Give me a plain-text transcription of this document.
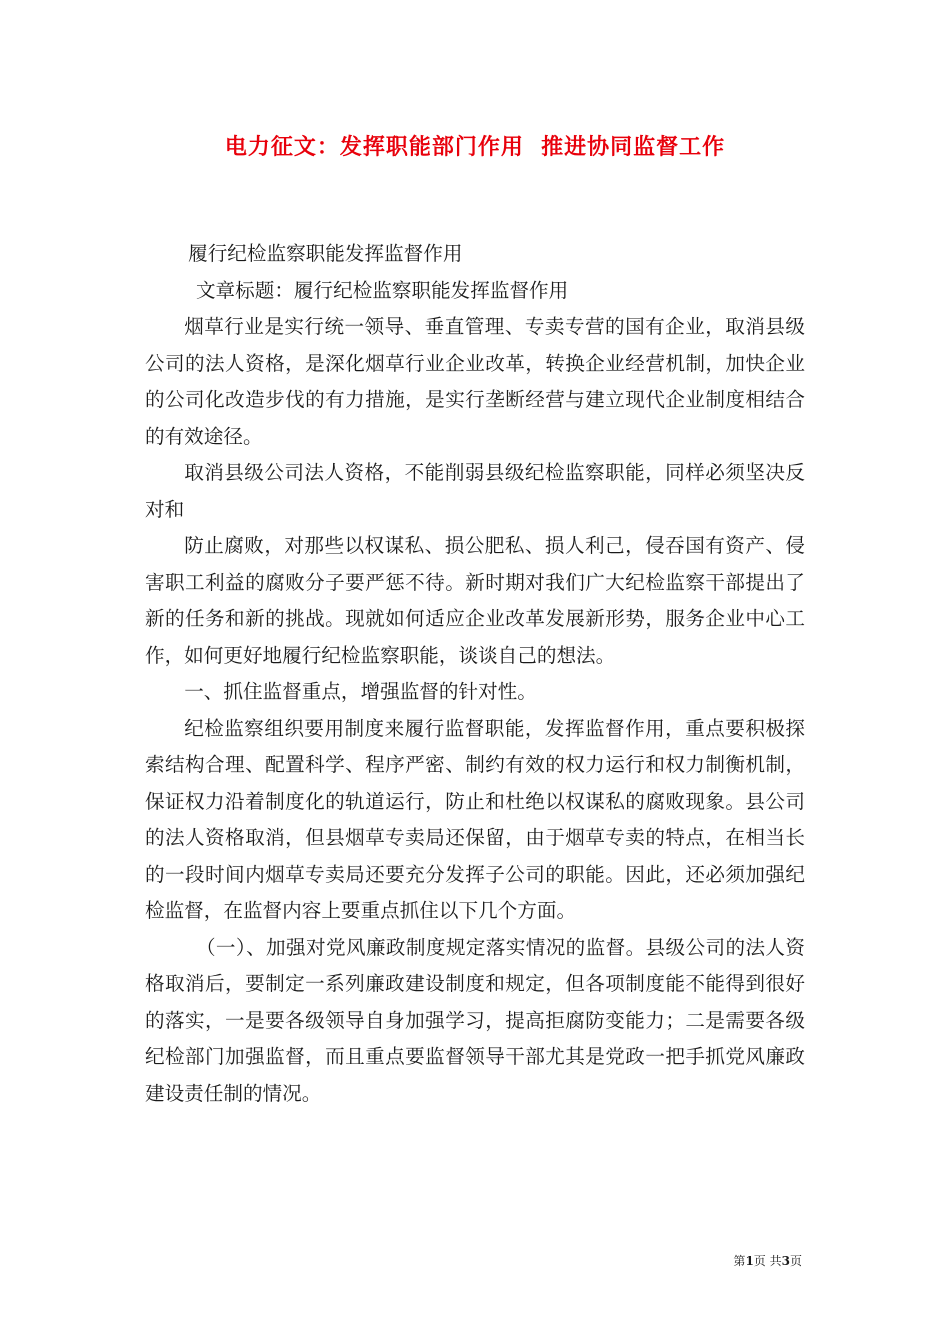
电力征文：发挥职能部门作用  推进协同监督工作

履行纪检监察职能发挥监督作用

文章标题：履行纪检监察职能发挥监督作用

烟草行业是实行统一领导、垂直管理、专卖专营的国有企业，取消县级公司的法人资格，是深化烟草行业企业改革，转换企业经营机制，加快企业的公司化改造步伐的有力措施，是实行垄断经营与建立现代企业制度相结合的有效途径。

取消县级公司法人资格，不能削弱县级纪检监察职能，同样必须坚决反对和

防止腐败，对那些以权谋私、损公肥私、损人利己，侵吞国有资产、侵害职工利益的腐败分子要严惩不待。新时期对我们广大纪检监察干部提出了新的任务和新的挑战。现就如何适应企业改革发展新形势，服务企业中心工作，如何更好地履行纪检监察职能，谈谈自己的想法。

一、抓住监督重点，增强监督的针对性。

纪检监察组织要用制度来履行监督职能，发挥监督作用，重点要积极探索结构合理、配置科学、程序严密、制约有效的权力运行和权力制衡机制，保证权力沿着制度化的轨道运行，防止和杜绝以权谋私的腐败现象。县公司的法人资格取消，但县烟草专卖局还保留，由于烟草专卖的特点，在相当长的一段时间内烟草专卖局还要充分发挥子公司的职能。因此，还必须加强纪检监督，在监督内容上要重点抓住以下几个方面。

（一）、加强对党风廉政制度规定落实情况的监督。县级公司的法人资格取消后，要制定一系列廉政建设制度和规定，但各项制度能不能得到很好的落实，一是要各级领导自身加强学习，提高拒腐防变能力；二是需要各级纪检部门加强监督，而且重点要监督领导干部尤其是党政一把手抓党风廉政建设责任制的情况。

第1页 共3页
